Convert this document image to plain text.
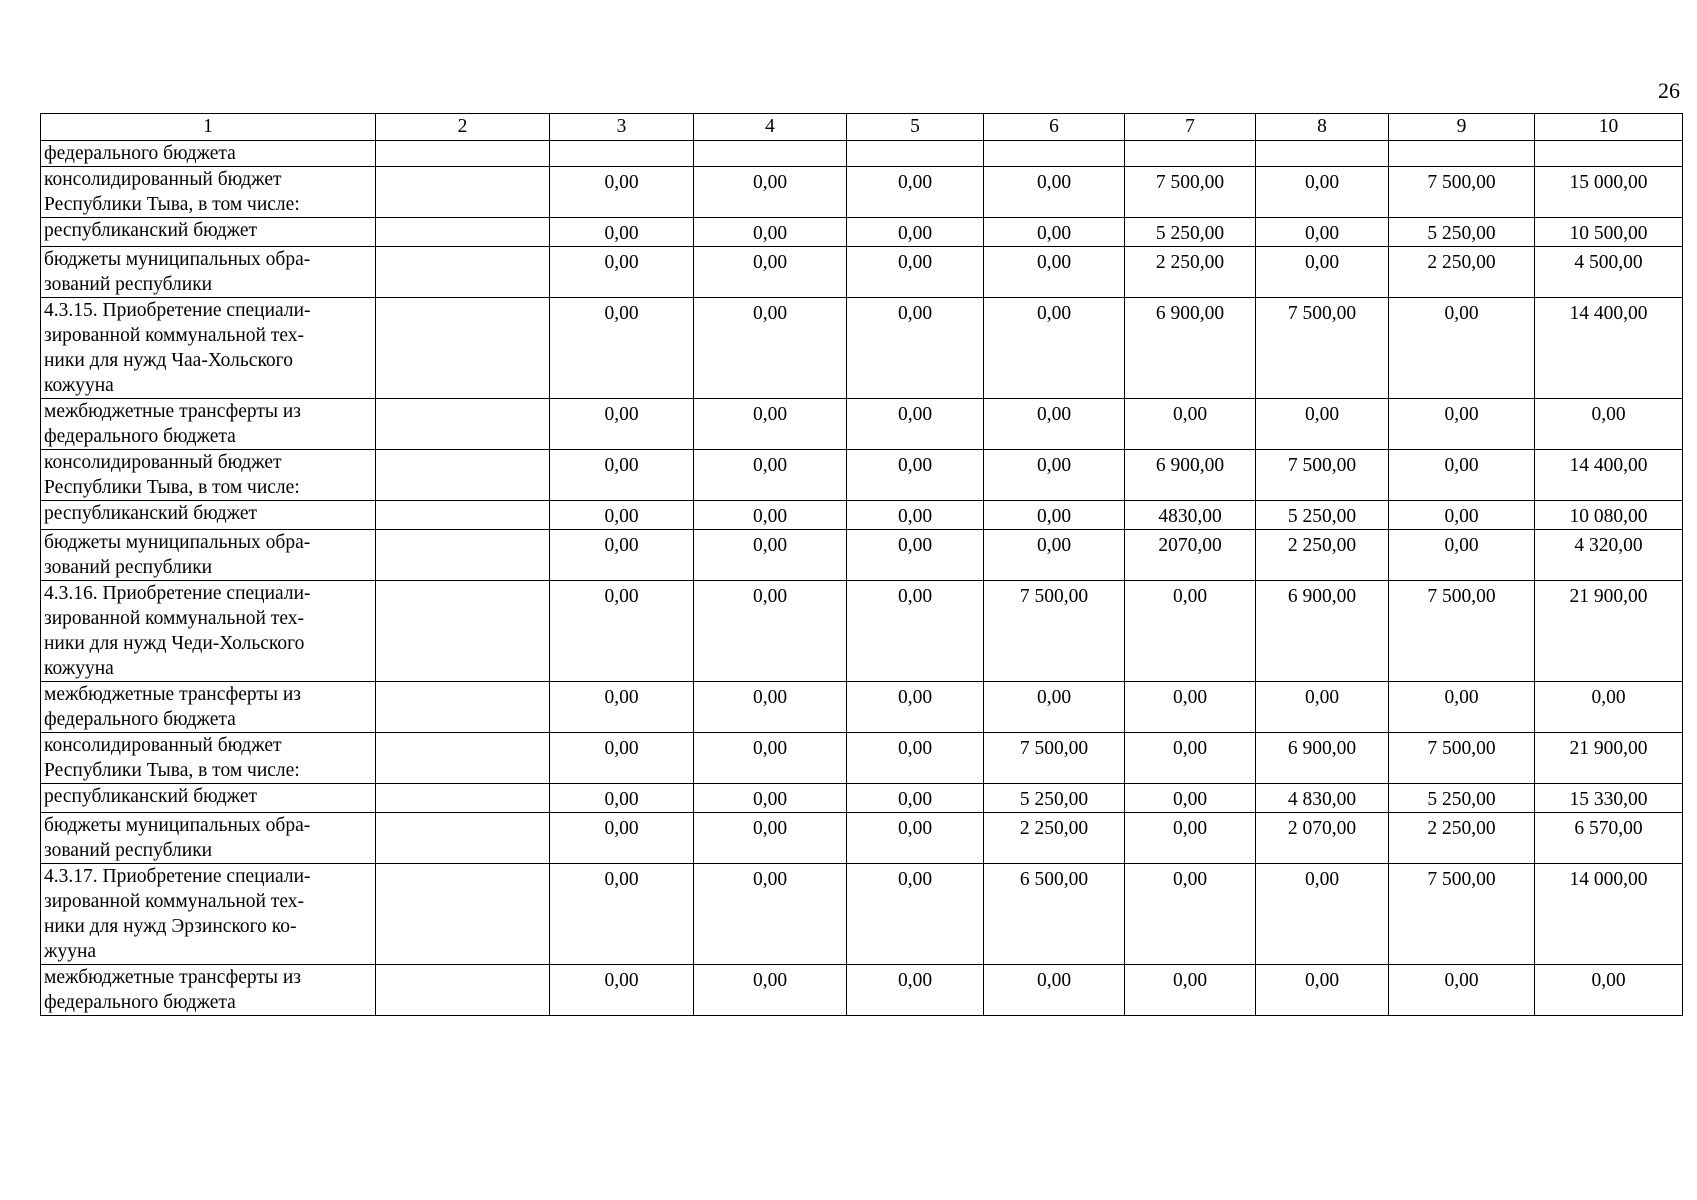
26
1	2	3	4	5	6	7	8	9	10

федерального бюджета									

консолидированный бюджет
Республики Тыва, в том числе:		0,00	0,00	0,00	0,00	7 500,00	0,00	7 500,00	15 000,00

республиканский бюджет		0,00	0,00	0,00	0,00	5 250,00	0,00	5 250,00	10 500,00

бюджеты муниципальных обра-
зований республики		0,00	0,00	0,00	0,00	2 250,00	0,00	2 250,00	4 500,00

4.3.15. Приобретение специали-
зированной коммунальной тех-
ники для нужд Чаа-Хольского
кожууна		0,00	0,00	0,00	0,00	6 900,00	7 500,00	0,00	14 400,00

межбюджетные трансферты из
федерального бюджета		0,00	0,00	0,00	0,00	0,00	0,00	0,00	0,00

консолидированный бюджет
Республики Тыва, в том числе:		0,00	0,00	0,00	0,00	6 900,00	7 500,00	0,00	14 400,00

республиканский бюджет		0,00	0,00	0,00	0,00	4830,00	5 250,00	0,00	10 080,00

бюджеты муниципальных обра-
зований республики		0,00	0,00	0,00	0,00	2070,00	2 250,00	0,00	4 320,00

4.3.16. Приобретение специали-
зированной коммунальной тех-
ники для нужд Чеди-Хольского
кожууна		0,00	0,00	0,00	7 500,00	0,00	6 900,00	7 500,00	21 900,00

межбюджетные трансферты из
федерального бюджета		0,00	0,00	0,00	0,00	0,00	0,00	0,00	0,00

консолидированный бюджет
Республики Тыва, в том числе:		0,00	0,00	0,00	7 500,00	0,00	6 900,00	7 500,00	21 900,00

республиканский бюджет		0,00	0,00	0,00	5 250,00	0,00	4 830,00	5 250,00	15 330,00

бюджеты муниципальных обра-
зований республики		0,00	0,00	0,00	2 250,00	0,00	2 070,00	2 250,00	6 570,00

4.3.17. Приобретение специали-
зированной коммунальной тех-
ники для нужд Эрзинского ко-
жууна		0,00	0,00	0,00	6 500,00	0,00	0,00	7 500,00	14 000,00

межбюджетные трансферты из
федерального бюджета		0,00	0,00	0,00	0,00	0,00	0,00	0,00	0,00
